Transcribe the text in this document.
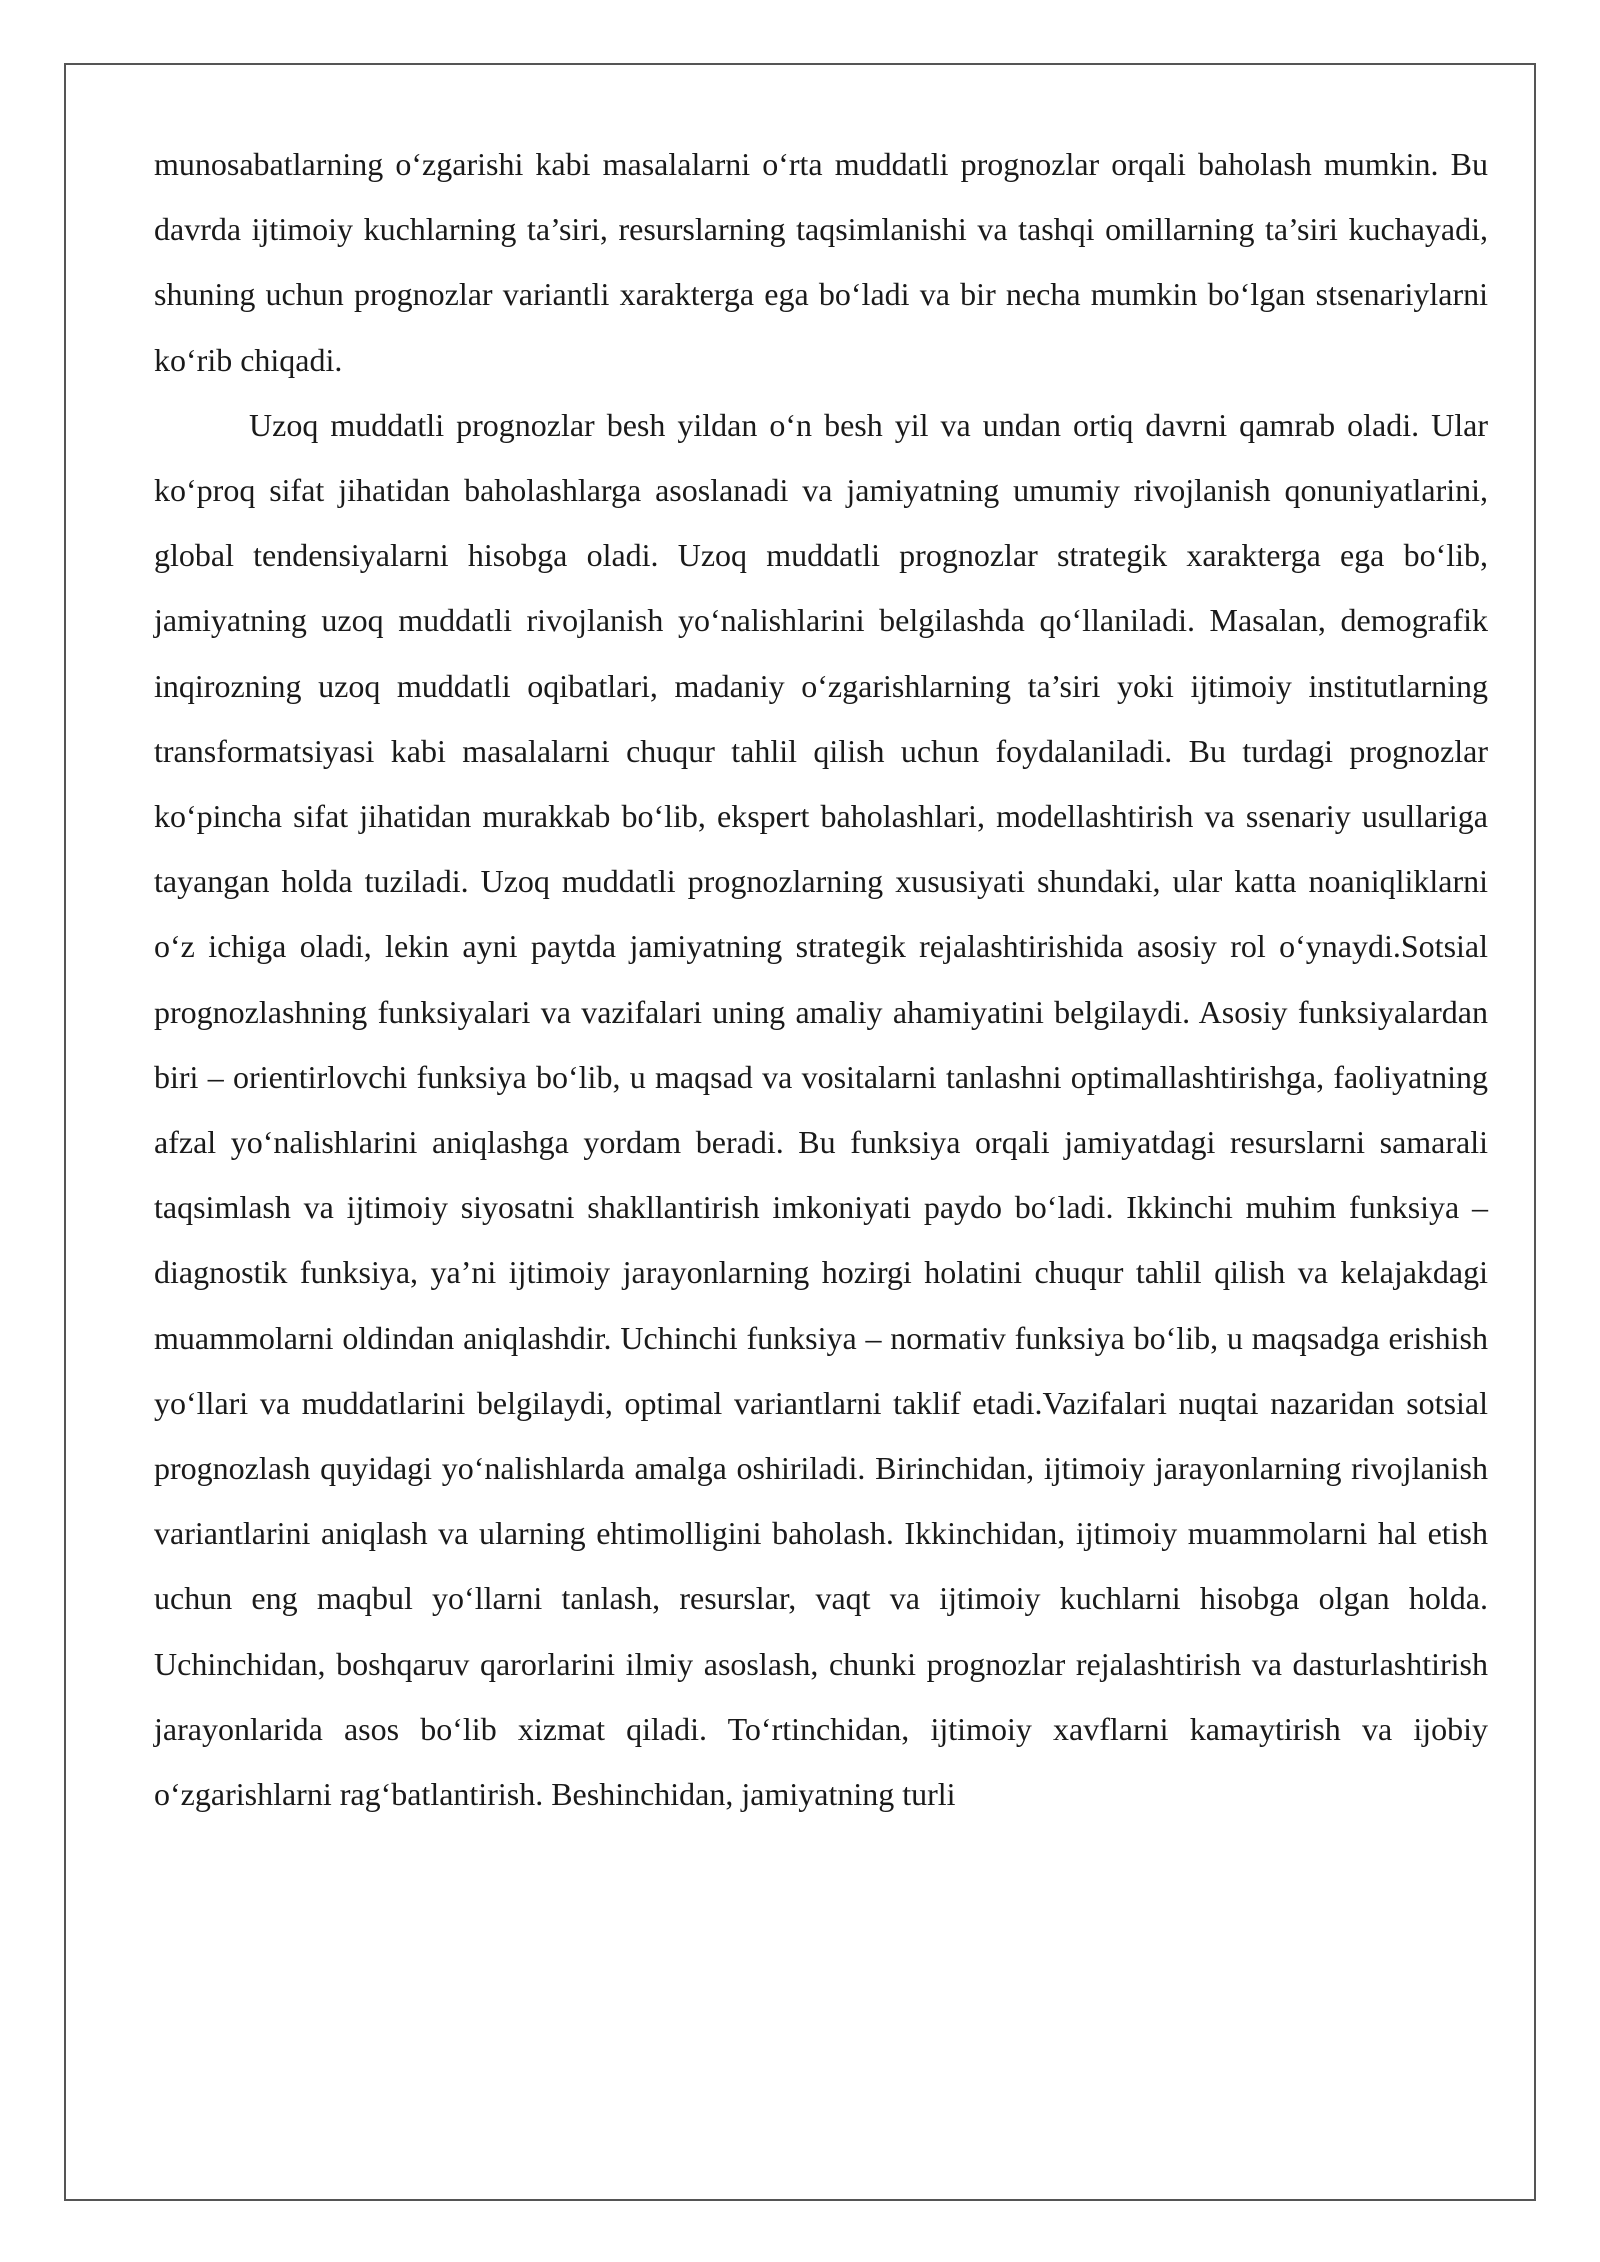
munosabatlarning o‘zgarishi kabi masalalarni o‘rta muddatli prognozlar orqali baholash mumkin. Bu davrda ijtimoiy kuchlarning ta’siri, resurslarning taqsimlanishi va tashqi omillarning ta’siri kuchayadi, shuning uchun prognozlar variantli xarakterga ega bo‘ladi va bir necha mumkin bo‘lgan stsenariylarni ko‘rib chiqadi.

Uzoq muddatli prognozlar besh yildan o‘n besh yil va undan ortiq davrni qamrab oladi. Ular ko‘proq sifat jihatidan baholashlarga asoslanadi va jamiyatning umumiy rivojlanish qonuniyatlarini, global tendensiyalarni hisobga oladi. Uzoq muddatli prognozlar strategik xarakterga ega bo‘lib, jamiyatning uzoq muddatli rivojlanish yo‘nalishlarini belgilashda qo‘llaniladi. Masalan, demografik inqirozning uzoq muddatli oqibatlari, madaniy o‘zgarishlarning ta’siri yoki ijtimoiy institutlarning transformatsiyasi kabi masalalarni chuqur tahlil qilish uchun foydalaniladi. Bu turdagi prognozlar ko‘pincha sifat jihatidan murakkab bo‘lib, ekspert baholashlari, modellashtirish va ssenariy usullariga tayangan holda tuziladi. Uzoq muddatli prognozlarning xususiyati shundaki, ular katta noaniqliklarni o‘z ichiga oladi, lekin ayni paytda jamiyatning strategik rejalashtirishida asosiy rol o‘ynaydi.Sotsial prognozlashning funksiyalari va vazifalari uning amaliy ahamiyatini belgilaydi. Asosiy funksiyalardan biri – orientirlovchi funksiya bo‘lib, u maqsad va vositalarni tanlashni optimallashtirishga, faoliyatning afzal yo‘nalishlarini aniqlashga yordam beradi. Bu funksiya orqali jamiyatdagi resurslarni samarali taqsimlash va ijtimoiy siyosatni shakllantirish imkoniyati paydo bo‘ladi. Ikkinchi muhim funksiya – diagnostik funksiya, ya’ni ijtimoiy jarayonlarning hozirgi holatini chuqur tahlil qilish va kelajakdagi muammolarni oldindan aniqlashdir. Uchinchi funksiya – normativ funksiya bo‘lib, u maqsadga erishish yo‘llari va muddatlarini belgilaydi, optimal variantlarni taklif etadi.Vazifalari nuqtai nazaridan sotsial prognozlash quyidagi yo‘nalishlarda amalga oshiriladi. Birinchidan, ijtimoiy jarayonlarning rivojlanish variantlarini aniqlash va ularning ehtimolligini baholash. Ikkinchidan, ijtimoiy muammolarni hal etish uchun eng maqbul yo‘llarni tanlash, resurslar, vaqt va ijtimoiy kuchlarni hisobga olgan holda. Uchinchidan, boshqaruv qarorlarini ilmiy asoslash, chunki prognozlar rejalashtirish va dasturlashtirish jarayonlarida asos bo‘lib xizmat qiladi. To‘rtinchidan, ijtimoiy xavflarni kamaytirish va ijobiy o‘zgarishlarni rag‘batlantirish. Beshinchidan, jamiyatning turli
